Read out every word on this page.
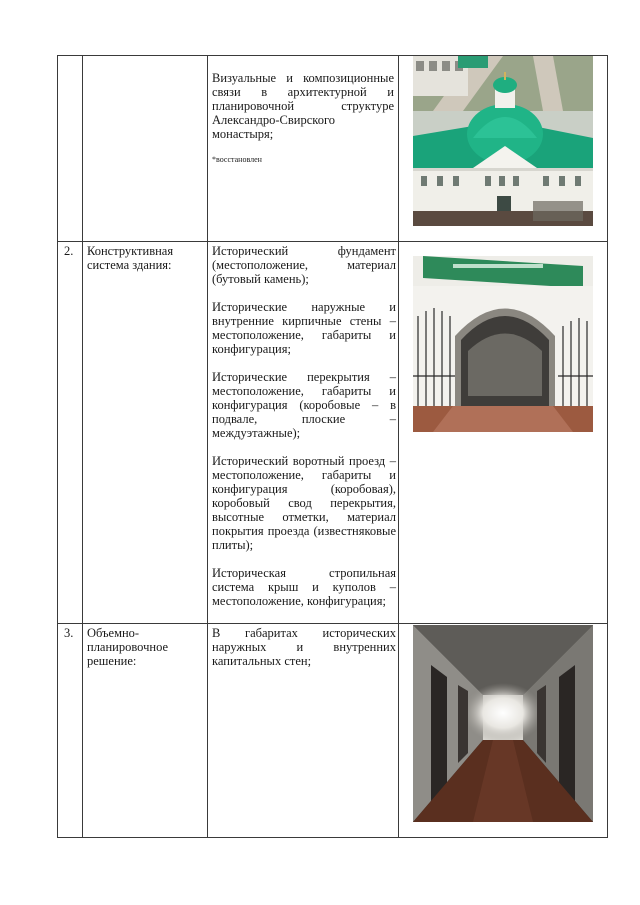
Визуальные и композиционные связи в архитектурной и планировочной структуре Александро-Свирского монастыря;

*восстановлен
2. Конструктивная система здания:

Исторический фундамент (местоположение, материал (бутовый камень);

Исторические наружные и внутренние кирпичные стены – местоположение, габариты и конфигурация;

Исторические перекрытия – местоположение, габариты и конфигурация (коробовые – в подвале, плоские – междуэтажные);

Исторический воротный проезд – местоположение, габариты и конфигурация (коробовая), коробовый свод перекрытия, высотные отметки, материал покрытия проезда (известняковые плиты);

Историческая стропильная система крыш и куполов – местоположение, конфигурация;

3. Объемно-планировочное решение:

В габаритах исторических наружных и внутренних капитальных стен;
